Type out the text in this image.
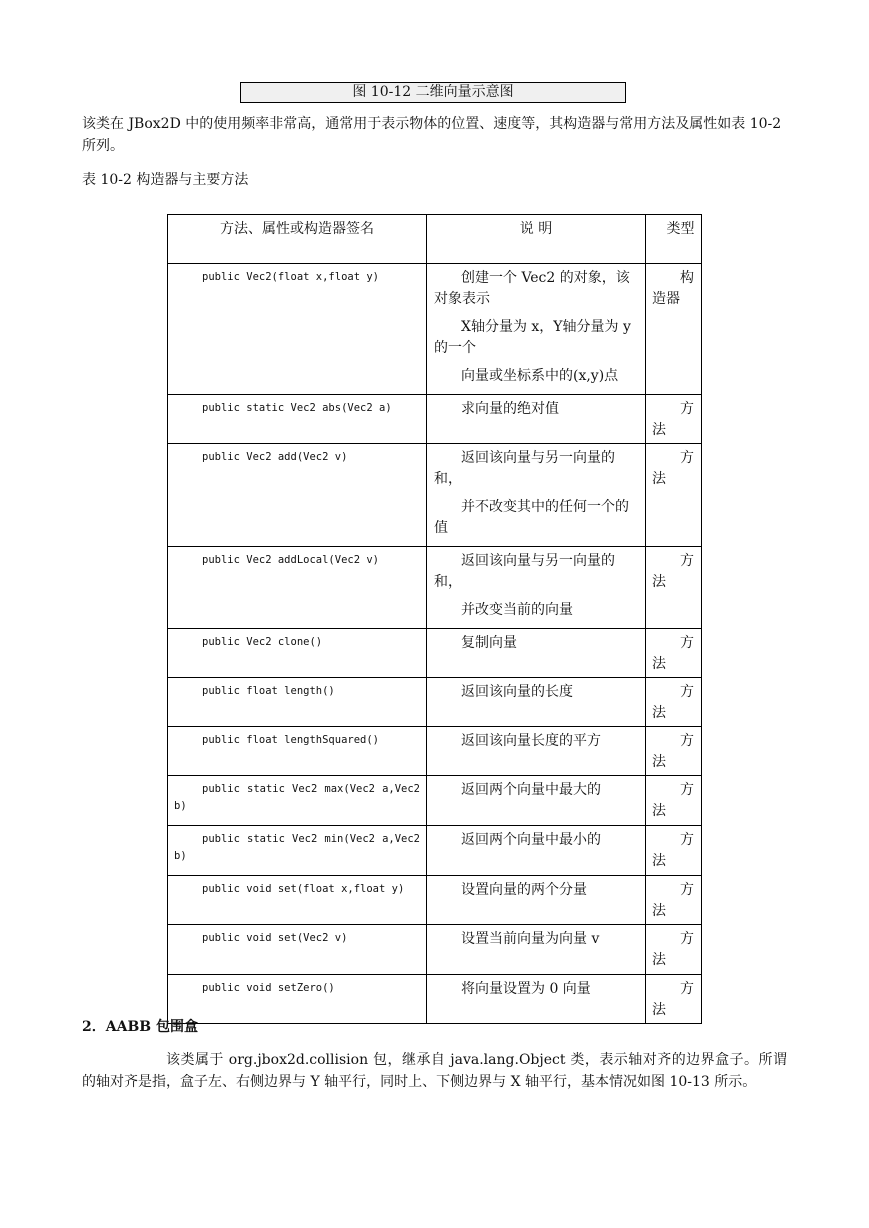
图 10-12 二维向量示意图
该类在 JBox2D 中的使用频率非常高，通常用于表示物体的位置、速度等，其构造器与常用方法及属性如表 10-2 所列。
表 10-2 构造器与主要方法
方法、属性或构造器签名	说 明	类型

public Vec2(float x,float y)	创建一个 Vec2 的对象，该对象表示

X轴分量为 x，Y轴分量为 y 的一个

向量或坐标系中的(x,y)点	构造器

public static Vec2 abs(Vec2 a)	求向量的绝对值	方法

public Vec2 add(Vec2 v)	返回该向量与另一向量的和，

并不改变其中的任何一个的值	方法

public Vec2 addLocal(Vec2 v)	返回该向量与另一向量的和，

并改变当前的向量	方法

public Vec2 clone()	复制向量	方法

public float length()	返回该向量的长度	方法

public float lengthSquared()	返回该向量长度的平方	方法

public static Vec2 max(Vec2 a,Vec2 b)	返回两个向量中最大的	方法

public static Vec2 min(Vec2 a,Vec2 b)	返回两个向量中最小的	方法

public void set(float x,float y)	设置向量的两个分量	方法

public void set(Vec2 v)	设置当前向量为向量 v	方法

public void setZero()	将向量设置为 0 向量	方法
2．AABB 包围盒
该类属于 org.jbox2d.collision 包，继承自 java.lang.Object 类，表示轴对齐的边界盒子。所谓的轴对齐是指，盒子左、右侧边界与 Y 轴平行，同时上、下侧边界与 X 轴平行，基本情况如图 10-13 所示。
